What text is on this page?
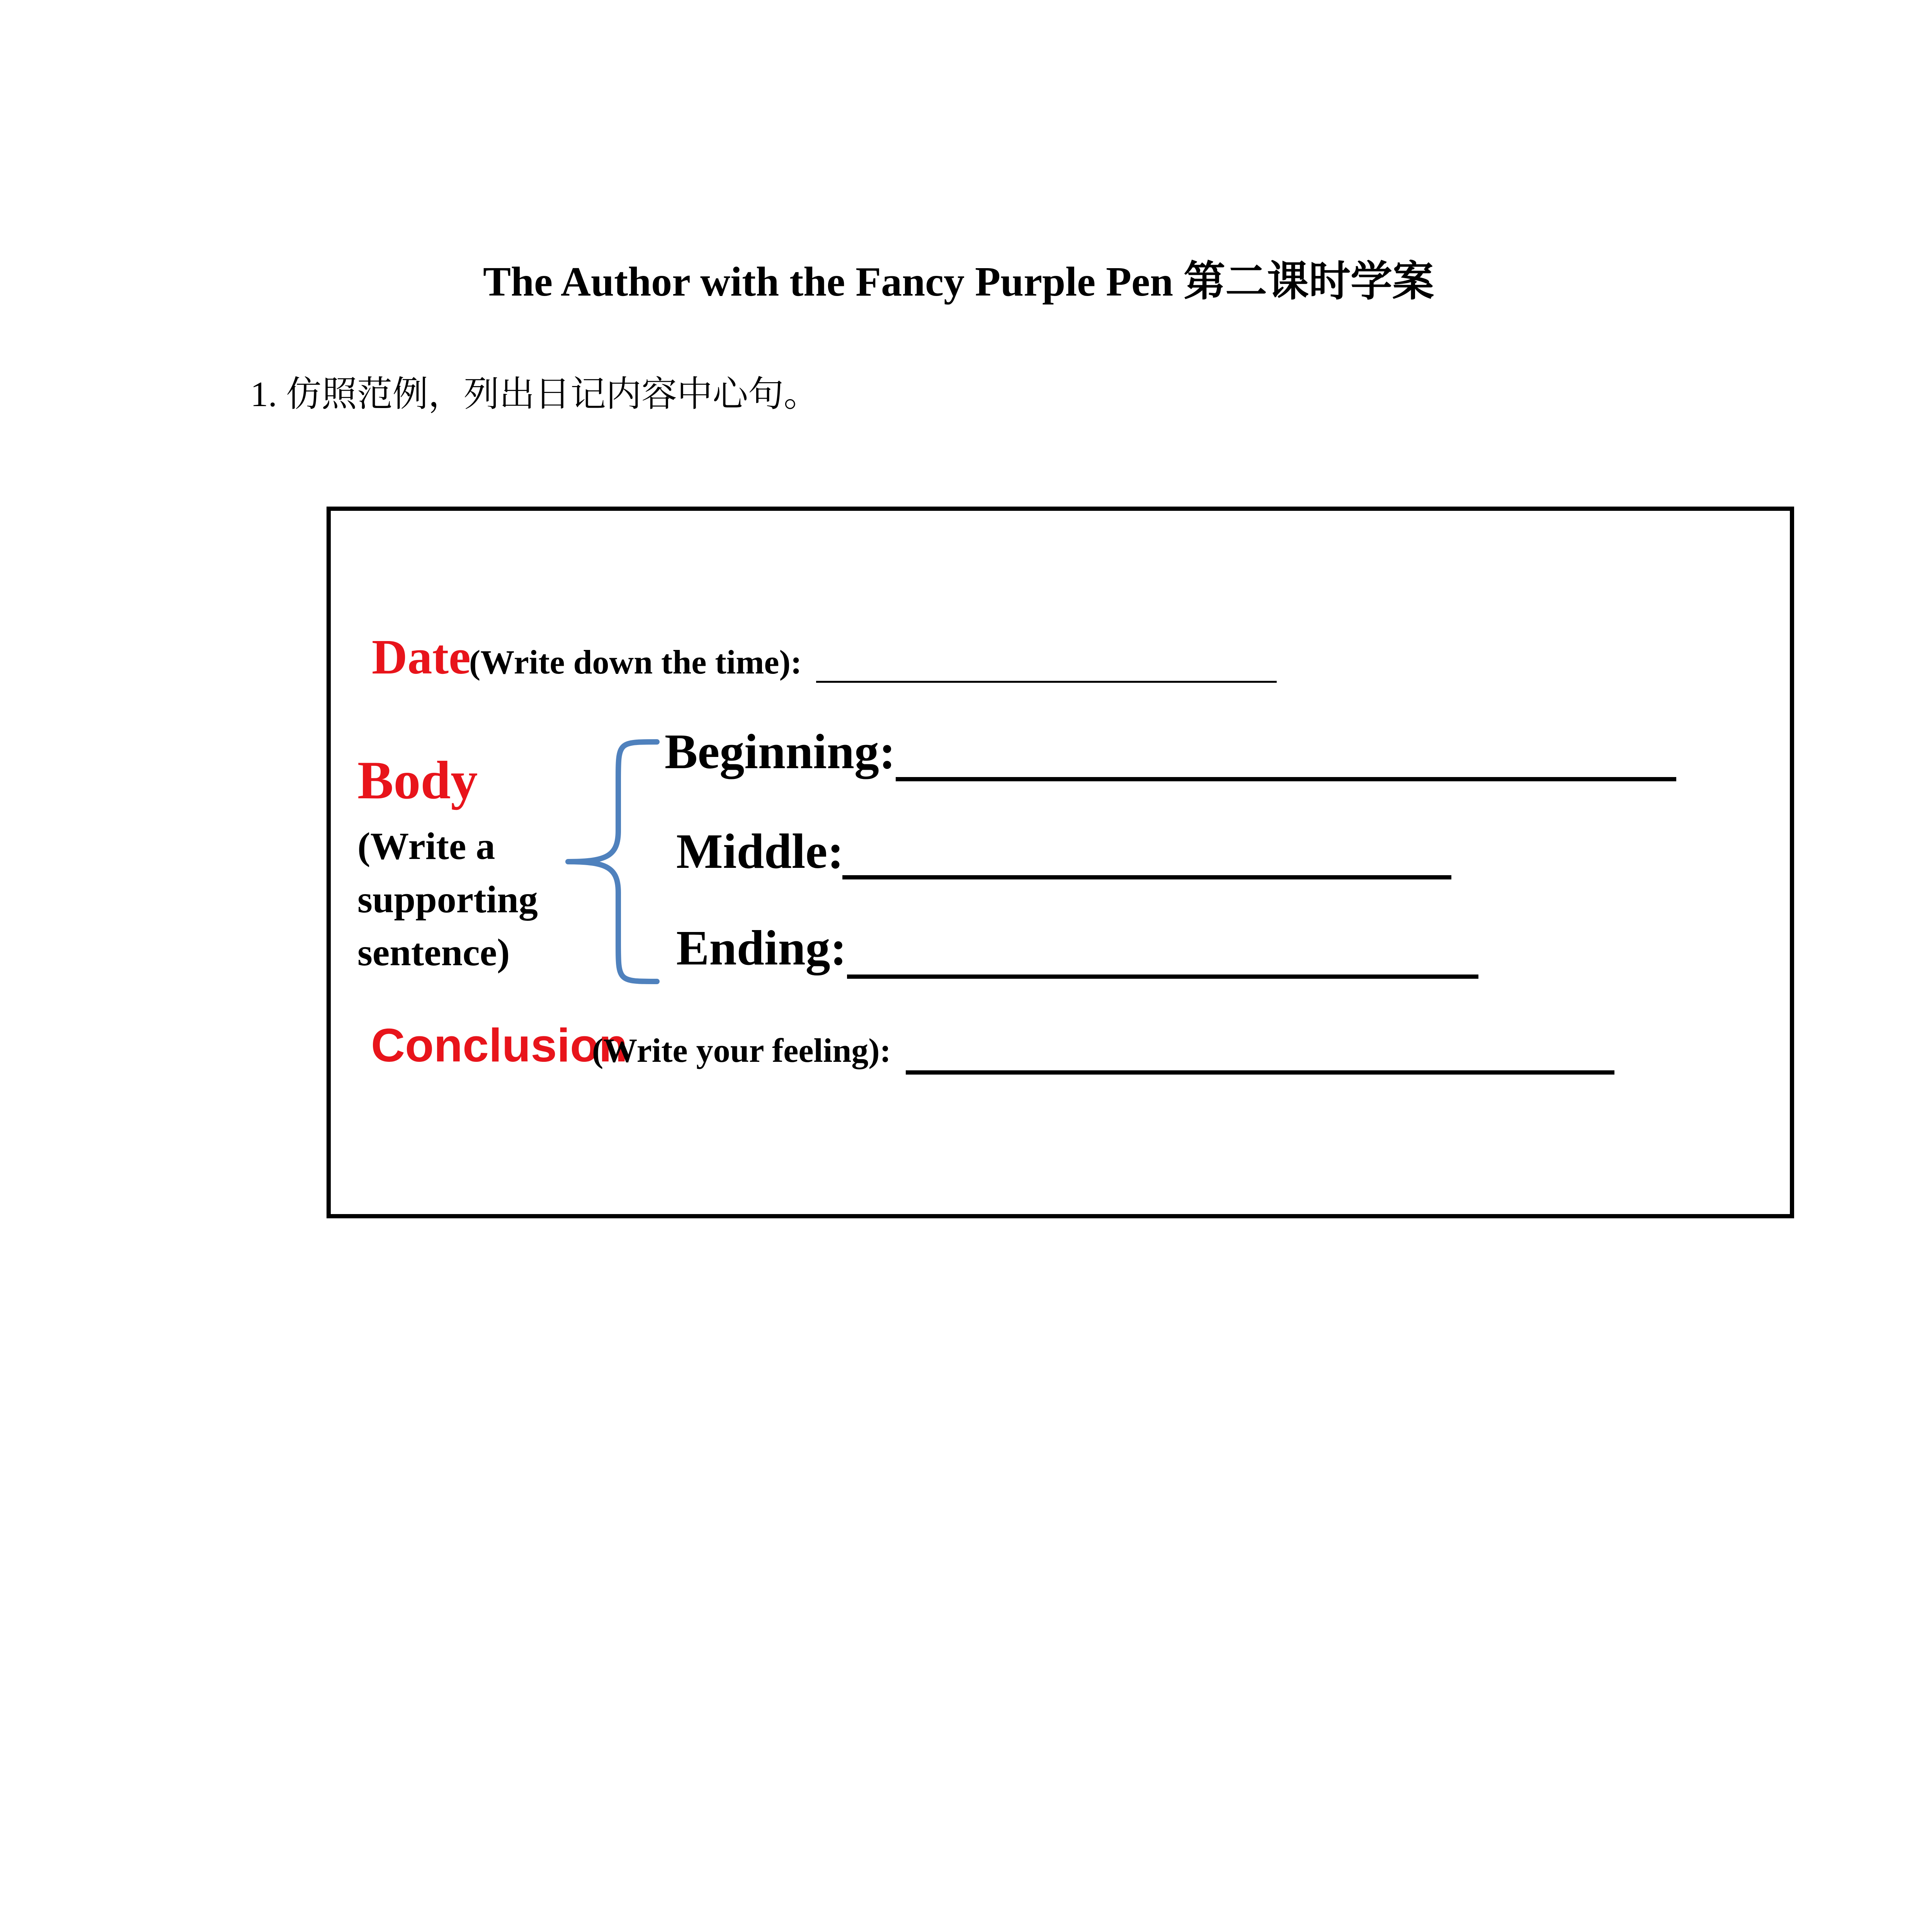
The Author with the Fancy Purple Pen 第二课时学案
1. 仿照范例，列出日记内容中心句。
Date
(Write down the time):
Body
(Write a
supporting
sentence)
Beginning:
Middle:
Ending:
Conclusion
(Write your feeling):
